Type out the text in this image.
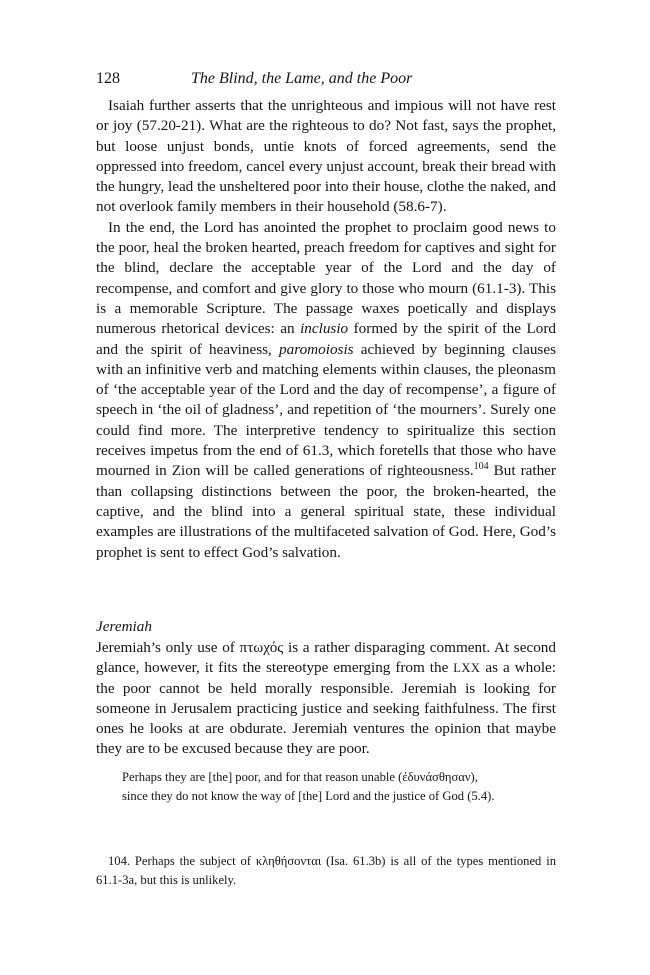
128	The Blind, the Lame, and the Poor

Isaiah further asserts that the unrighteous and impious will not have rest or joy (57.20-21). What are the righteous to do? Not fast, says the prophet, but loose unjust bonds, untie knots of forced agreements, send the oppressed into freedom, cancel every unjust account, break their bread with the hungry, lead the unsheltered poor into their house, clothe the naked, and not overlook family members in their household (58.6-7).

In the end, the Lord has anointed the prophet to proclaim good news to the poor, heal the broken hearted, preach freedom for captives and sight for the blind, declare the acceptable year of the Lord and the day of recompense, and comfort and give glory to those who mourn (61.1-3). This is a memorable Scripture. The passage waxes poetically and displays numerous rhetorical devices: an inclusio formed by the spirit of the Lord and the spirit of heaviness, paromoiosis achieved by beginning clauses with an infinitive verb and matching elements within clauses, the pleonasm of ‘the acceptable year of the Lord and the day of recompense’, a figure of speech in ‘the oil of gladness’, and repetition of ‘the mourners’. Surely one could find more. The interpretive tendency to spiritualize this section receives impetus from the end of 61.3, which foretells that those who have mourned in Zion will be called generations of righteousness.$^{104}$ But rather than collapsing distinctions between the poor, the broken-hearted, the captive, and the blind into a general spiritual state, these individual examples are illustrations of the multifaceted salvation of God. Here, God’s prophet is sent to effect God’s salvation.

Jeremiah

Jeremiah’s only use of πτωχός is a rather disparaging comment. At second glance, however, it fits the stereotype emerging from the LXX as a whole: the poor cannot be held morally responsible. Jeremiah is looking for someone in Jerusalem practicing justice and seeking faithfulness. The first ones he looks at are obdurate. Jeremiah ventures the opinion that maybe they are to be excused because they are poor.

Perhaps they are [the] poor, and for that reason unable (ἐδυνάσθησαν),

since they do not know the way of [the] Lord and the justice of God (5.4).

104. Perhaps the subject of κληθήσονται (Isa. 61.3b) is all of the types mentioned in 61.1-3a, but this is unlikely.
